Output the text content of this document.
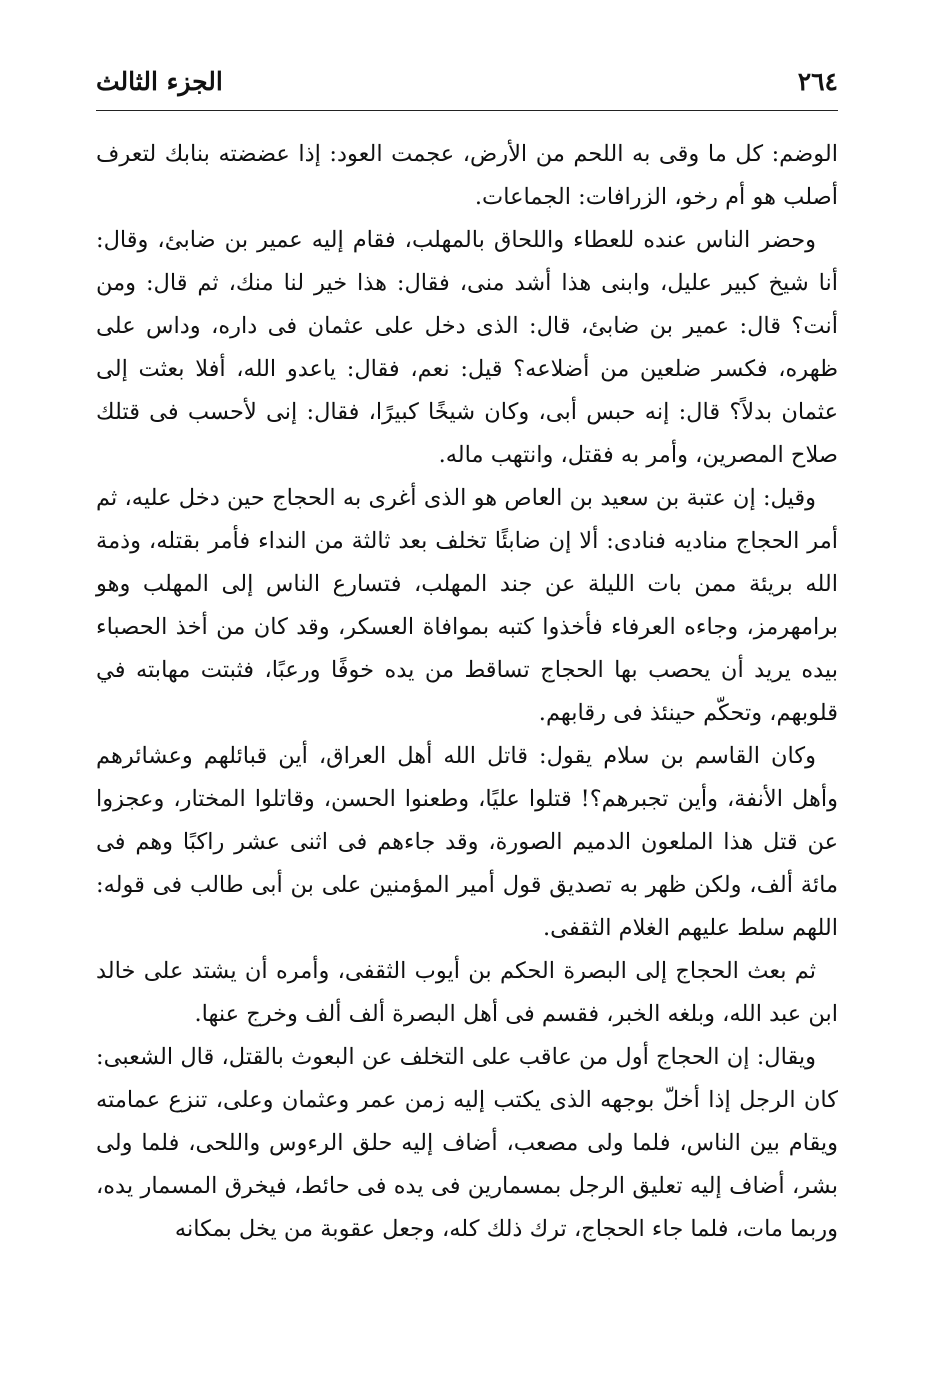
٢٦٤
الجزء الثالث

الوضم: كل ما وقى به اللحم من الأرض، عجمت العود: إذا عضضته بنابك لتعرف أصلب هو أم رخو، الزرافات: الجماعات.

وحضر الناس عنده للعطاء واللحاق بالمهلب، فقام إليه عمير بن ضابئ، وقال: أنا شيخ كبير عليل، وابنى هذا أشد منى، فقال: هذا خير لنا منك، ثم قال: ومن أنت؟ قال: عمير بن ضابئ، قال: الذى دخل على عثمان فى داره، وداس على ظهره، فكسر ضلعين من أضلاعه؟ قيل: نعم، فقال: ياعدو الله، أفلا بعثت إلى عثمان بدلاً؟ قال: إنه حبس أبى، وكان شيخًا كبيرًا، فقال: إنى لأحسب فى قتلك صلاح المصرين، وأمر به فقتل، وانتهب ماله.

وقيل: إن عتبة بن سعيد بن العاص هو الذى أغرى به الحجاج حين دخل عليه، ثم أمر الحجاج مناديه فنادى: ألا إن ضابئًا تخلف بعد ثالثة من النداء فأمر بقتله، وذمة الله بريئة ممن بات الليلة عن جند المهلب، فتسارع الناس إلى المهلب وهو برامهرمز، وجاءه العرفاء فأخذوا كتبه بموافاة العسكر، وقد كان من أخذ الحصباء بيده يريد أن يحصب بها الحجاج تساقط من يده خوفًا ورعبًا، فثبتت مهابته في قلوبهم، وتحكّم حينئذ فى رقابهم.

وكان القاسم بن سلام يقول: قاتل الله أهل العراق، أين قبائلهم وعشائرهم وأهل الأنفة، وأين تجبرهم؟! قتلوا عليًا، وطعنوا الحسن، وقاتلوا المختار، وعجزوا عن قتل هذا الملعون الدميم الصورة، وقد جاءهم فى اثنى عشر راكبًا وهم فى مائة ألف، ولكن ظهر به تصديق قول أمير المؤمنين على بن أبى طالب فى قوله: اللهم سلط عليهم الغلام الثقفى.

ثم بعث الحجاج إلى البصرة الحكم بن أيوب الثقفى، وأمره أن يشتد على خالد ابن عبد الله، وبلغه الخبر، فقسم فى أهل البصرة ألف ألف وخرج عنها.

ويقال: إن الحجاج أول من عاقب على التخلف عن البعوث بالقتل، قال الشعبى: كان الرجل إذا أخلّ بوجهه الذى يكتب إليه زمن عمر وعثمان وعلى، تنزع عمامته ويقام بين الناس، فلما ولى مصعب، أضاف إليه حلق الرءوس واللحى، فلما ولى بشر، أضاف إليه تعليق الرجل بمسمارين فى يده فى حائط، فيخرق المسمار يده، وربما مات، فلما جاء الحجاج، ترك ذلك كله، وجعل عقوبة من يخل بمكانه
